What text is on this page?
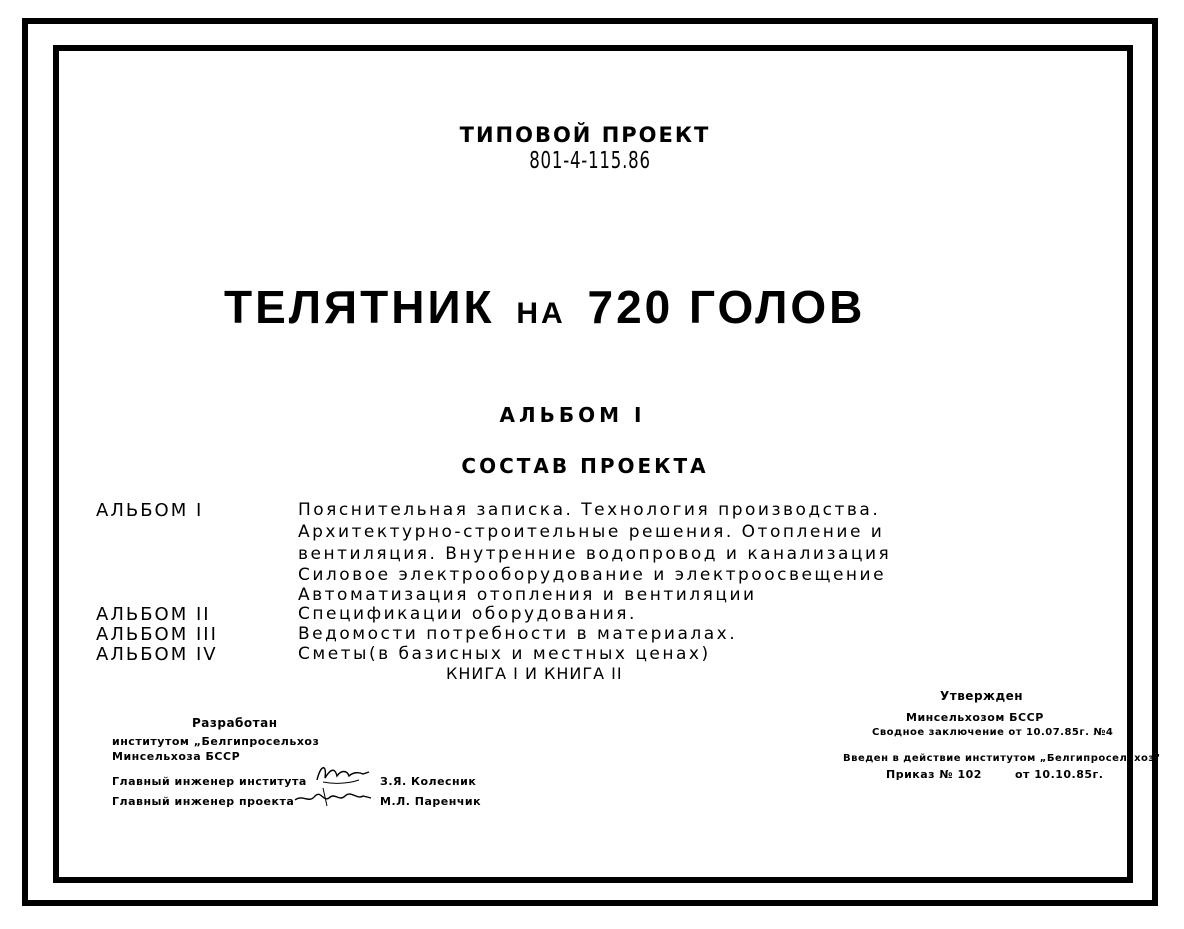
ТИПОВОЙ ПРОЕКТ
801-4-115.86
ТЕЛЯТНИК НА 720 ГОЛОВ
АЛЬБОМ I
СОСТАВ ПРОЕКТА
АЛЬБОМ I	Пояснительная записка. Технология производства.
Архитектурно-строительные решения. Отопление и
вентиляция. Внутренние водопровод и канализация
Силовое электрооборудование и электроосвещение
Автоматизация отопления и вентиляции
АЛЬБОМ II	Спецификации оборудования.
АЛЬБОМ III	Ведомости потребности в материалах.
АЛЬБОМ IV	Сметы(в базисных и местных ценах)
КНИГА I И КНИГА II
Разработан
институтом „Белгипросельхоз
Минсельхоза БССР
Главный инженер института	З.Я. Колесник
Главный инженер проекта	М.Л. Паренчик
Утвержден
Минсельхозом БССР
Сводное заключение от 10.07.85г. №4
Введен в действие институтом „Белгипросельхоз"
Приказ № 102	от 10.10.85г.
